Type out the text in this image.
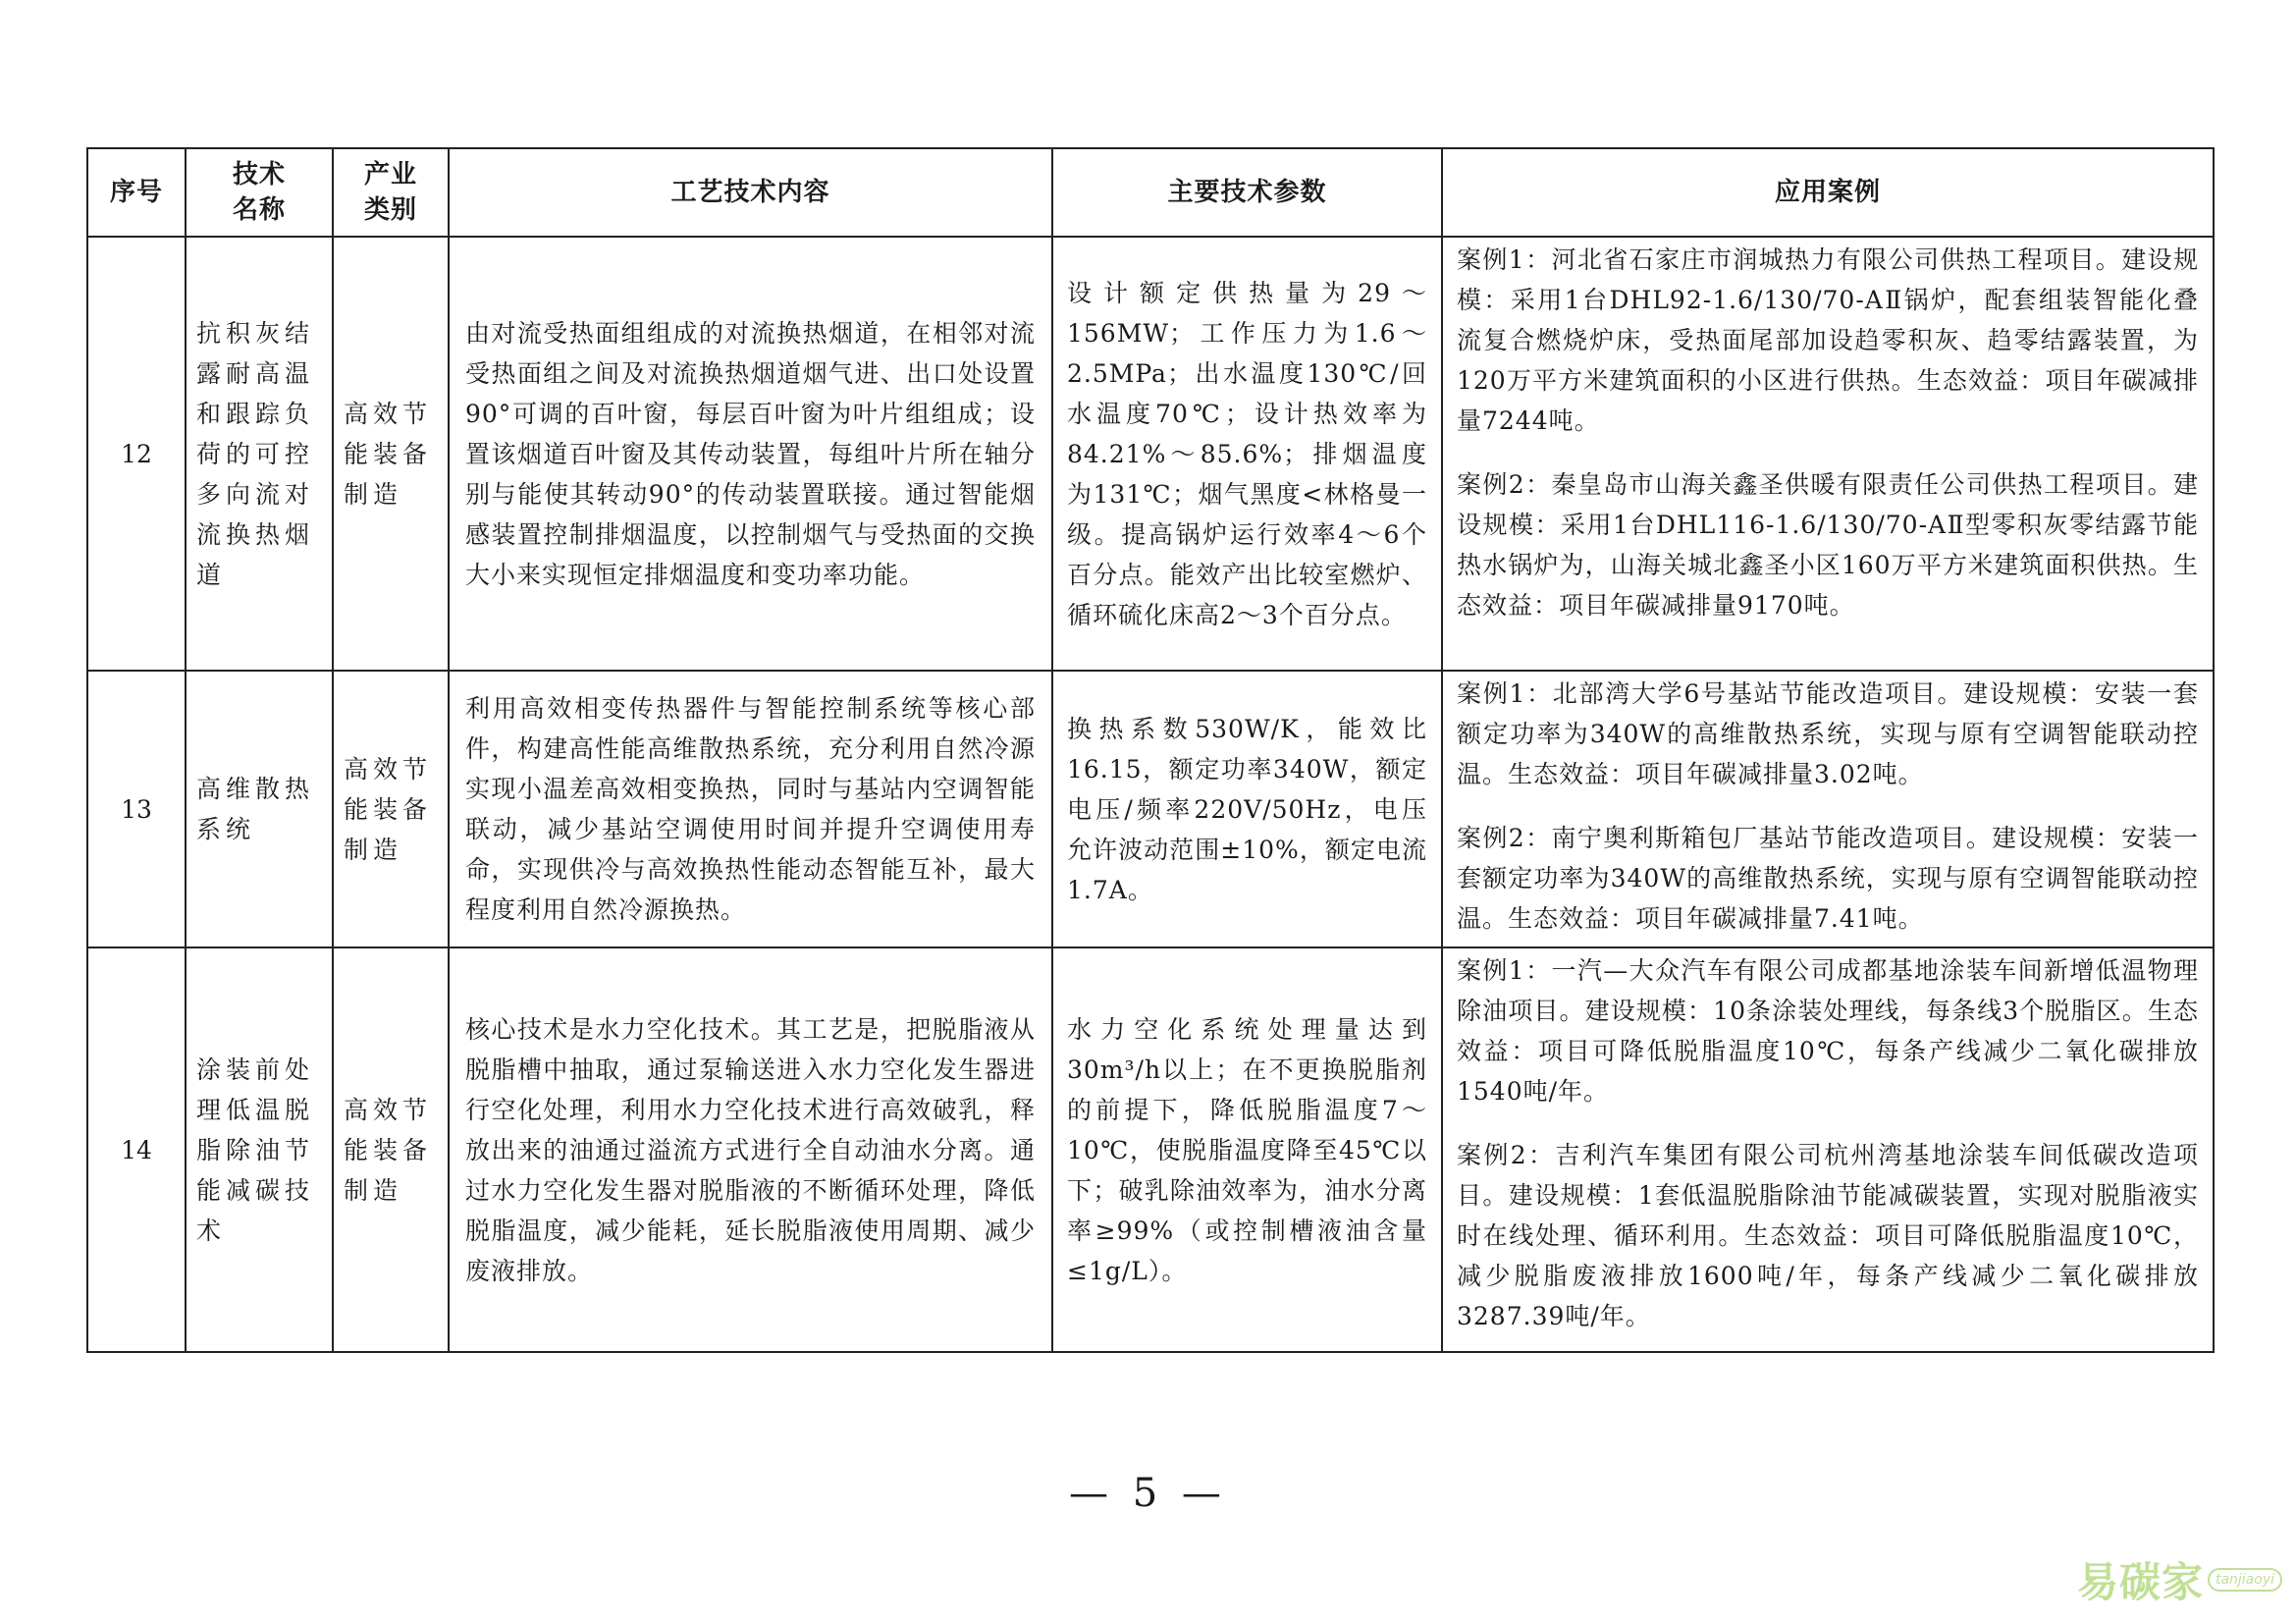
序号	技术名称	产业类别	工艺技术内容	主要技术参数	应用案例
12	抗积灰结露耐高温和跟踪负荷的可控多向流对流换热烟道	高效节能装备制造	由对流受热面组组成的对流换热烟道，在相邻对流受热面组之间及对流换热烟道烟气进、出口处设置90°可调的百叶窗，每层百叶窗为叶片组组成；设置该烟道百叶窗及其传动装置，每组叶片所在轴分别与能使其转动90°的传动装置联接。通过智能烟感装置控制排烟温度，以控制烟气与受热面的交换大小来实现恒定排烟温度和变功率功能。	设计额定供热量为29～156MW；工作压力为1.6～2.5MPa；出水温度130℃/回水温度70℃；设计热效率为84.21%～85.6%；排烟温度为131℃；烟气黑度<林格曼一级。提高锅炉运行效率4～6个百分点。能效产出比较室燃炉、循环硫化床高2～3个百分点。	案例1：河北省石家庄市润城热力有限公司供热工程项目。建设规模：采用1台DHL92-1.6/130/70-AⅡ锅炉，配套组装智能化叠流复合燃烧炉床，受热面尾部加设趋零积灰、趋零结露装置，为120万平方米建筑面积的小区进行供热。生态效益：项目年碳减排量7244吨。

案例2：秦皇岛市山海关鑫圣供暖有限责任公司供热工程项目。建设规模：采用1台DHL116-1.6/130/70-AⅡ型零积灰零结露节能热水锅炉为，山海关城北鑫圣小区160万平方米建筑面积供热。生态效益：项目年碳减排量9170吨。

13	高维散热系统	高效节能装备制造	利用高效相变传热器件与智能控制系统等核心部件，构建高性能高维散热系统，充分利用自然冷源实现小温差高效相变换热，同时与基站内空调智能联动，减少基站空调使用时间并提升空调使用寿命，实现供冷与高效换热性能动态智能互补，最大程度利用自然冷源换热。	换热系数530W/K，能效比16.15，额定功率340W，额定电压/频率220V/50Hz，电压允许波动范围±10%，额定电流1.7A。	案例1：北部湾大学6号基站节能改造项目。建设规模：安装一套额定功率为340W的高维散热系统，实现与原有空调智能联动控温。生态效益：项目年碳减排量3.02吨。

案例2：南宁奥利斯箱包厂基站节能改造项目。建设规模：安装一套额定功率为340W的高维散热系统，实现与原有空调智能联动控温。生态效益：项目年碳减排量7.41吨。

14	涂装前处理低温脱脂除油节能减碳技术	高效节能装备制造	核心技术是水力空化技术。其工艺是，把脱脂液从脱脂槽中抽取，通过泵输送进入水力空化发生器进行空化处理，利用水力空化技术进行高效破乳，释放出来的油通过溢流方式进行全自动油水分离。通过水力空化发生器对脱脂液的不断循环处理，降低脱脂温度，减少能耗，延长脱脂液使用周期、减少废液排放。	水力空化系统处理量达到30m³/h以上；在不更换脱脂剂的前提下，降低脱脂温度7～10℃，使脱脂温度降至45℃以下；破乳除油效率为，油水分离率≥99%（或控制槽液油含量≤1g/L）。	案例1：一汽—大众汽车有限公司成都基地涂装车间新增低温物理除油项目。建设规模：10条涂装处理线，每条线3个脱脂区。生态效益：项目可降低脱脂温度10℃，每条产线减少二氧化碳排放1540吨/年。

案例2：吉利汽车集团有限公司杭州湾基地涂装车间低碳改造项目。建设规模：1套低温脱脂除油节能减碳装置，实现对脱脂液实时在线处理、循环利用。生态效益：项目可降低脱脂温度10℃，减少脱脂废液排放1600吨/年，每条产线减少二氧化碳排放3287.39吨/年。

— 5 —
易碳家 tanjiaoyi
